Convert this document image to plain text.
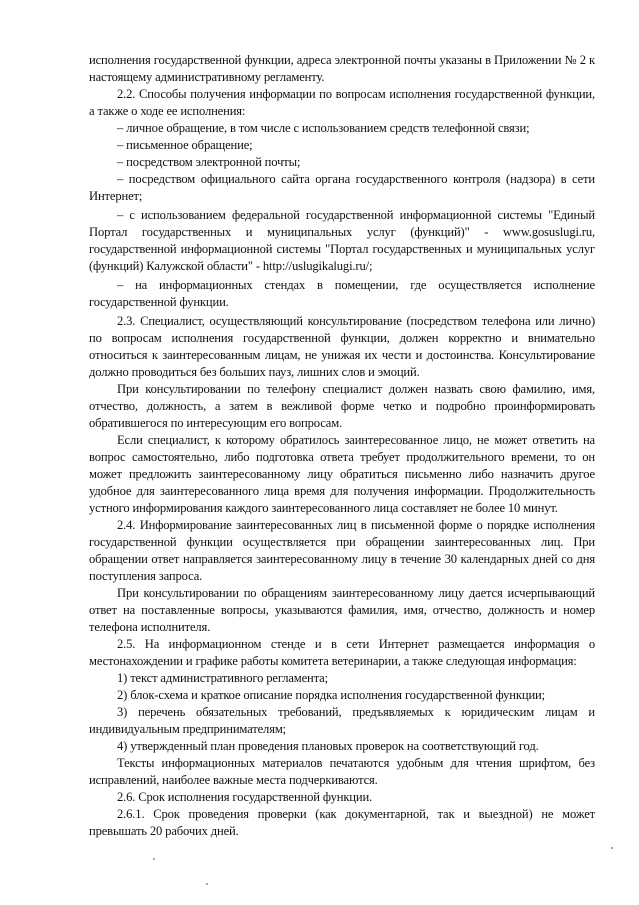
исполнения государственной функции, адреса электронной почты указаны в Приложении № 2 к настоящему административному регламенту.

2.2. Способы получения информации по вопросам исполнения государственной функции, а также о ходе ее исполнения:

– личное обращение, в том числе с использованием средств телефонной связи;

– письменное обращение;

– посредством электронной почты;

– посредством официального сайта органа государственного контроля (надзора) в сети Интернет;

– с использованием федеральной государственной информационной системы "Единый Портал государственных и муниципальных услуг (функций)" - www.gosuslugi.ru, государственной информационной системы "Портал государственных и муниципальных услуг (функций) Калужской области" - http://uslugikalugi.ru/;

– на информационных стендах в помещении, где осуществляется исполнение государственной функции.

2.3. Специалист, осуществляющий консультирование (посредством телефона или лично) по вопросам исполнения государственной функции, должен корректно и внимательно относиться к заинтересованным лицам, не унижая их чести и достоинства. Консультирование должно проводиться без больших пауз, лишних слов и эмоций.

При консультировании по телефону специалист должен назвать свою фамилию, имя, отчество, должность, а затем в вежливой форме четко и подробно проинформировать обратившегося по интересующим его вопросам.

Если специалист, к которому обратилось заинтересованное лицо, не может ответить на вопрос самостоятельно, либо подготовка ответа требует продолжительного времени, то он может предложить заинтересованному лицу обратиться письменно либо назначить другое удобное для заинтересованного лица время для получения информации. Продолжительность устного информирования каждого заинтересованного лица составляет не более 10 минут.

2.4. Информирование заинтересованных лиц в письменной форме о порядке исполнения государственной функции осуществляется при обращении заинтересованных лиц. При обращении ответ направляется заинтересованному лицу в течение 30 календарных дней со дня поступления запроса.

При консультировании по обращениям заинтересованному лицу дается исчерпывающий ответ на поставленные вопросы, указываются фамилия, имя, отчество, должность и номер телефона исполнителя.

2.5. На информационном стенде и в сети Интернет размещается информация о местонахождении и графике работы комитета ветеринарии, а также следующая информация:

1) текст административного регламента;

2) блок-схема и краткое описание порядка исполнения государственной функции;

3) перечень обязательных требований, предъявляемых к юридическим лицам и индивидуальным предпринимателям;

4) утвержденный план проведения плановых проверок на соответствующий год.

Тексты информационных материалов печатаются удобным для чтения шрифтом, без исправлений, наиболее важные места подчеркиваются.

2.6. Срок исполнения государственной функции.

2.6.1. Срок проведения проверки (как документарной, так и выездной) не может превышать 20 рабочих дней.
